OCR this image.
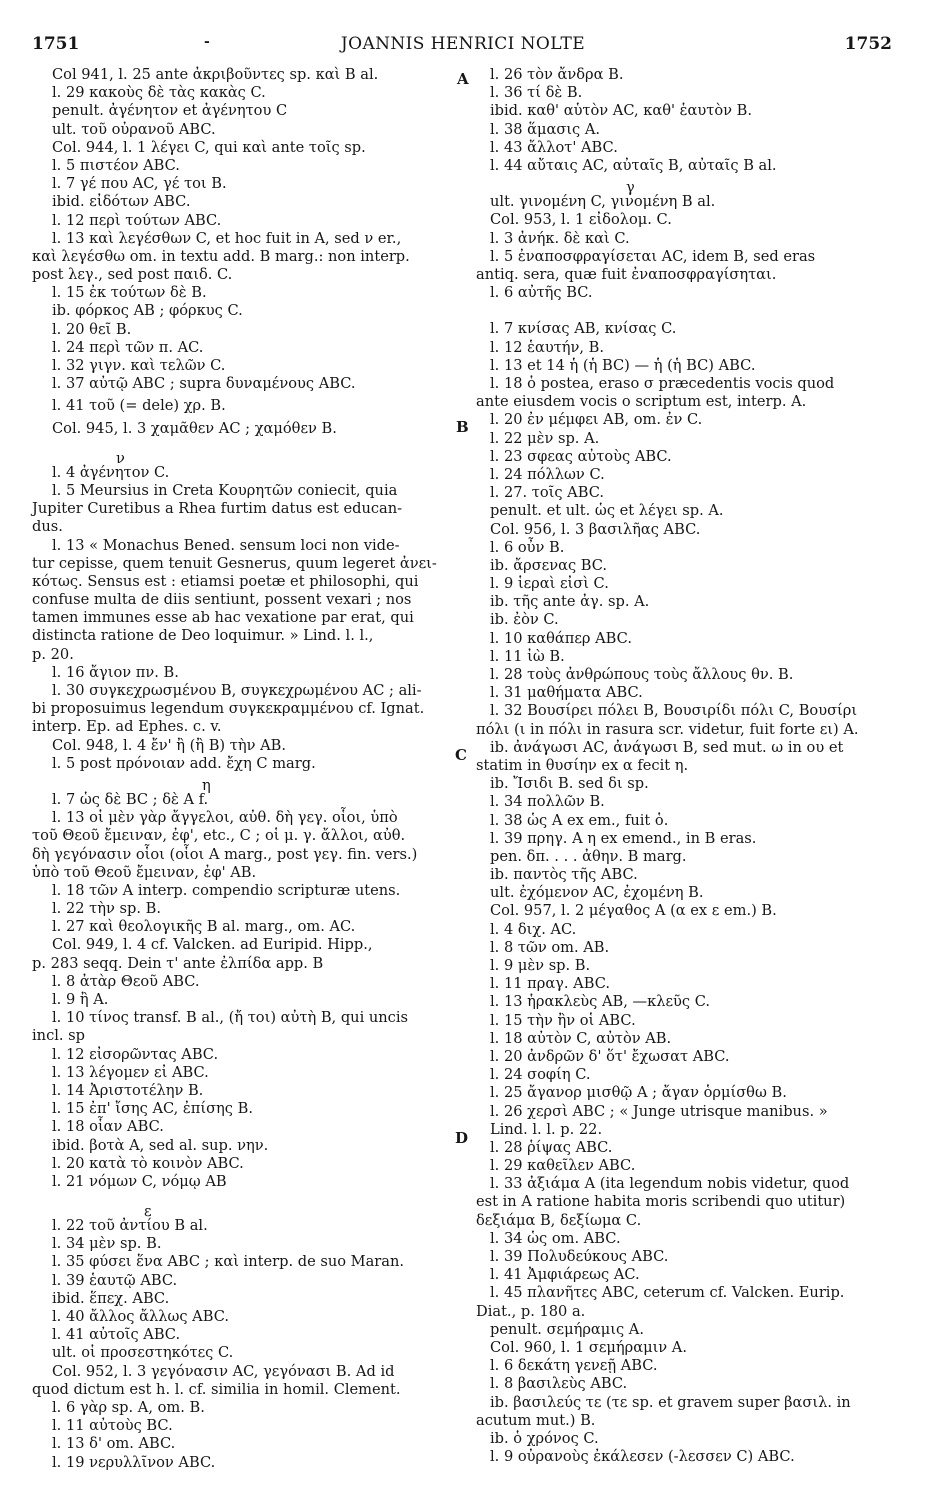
1751	-	JOANNIS HENRICI NOLTE	1752
A
B
C
D
Col 941, l. 25 ante ἀκριβοῦντες sp. καὶ B al.
l. 29 κακοὺς δὲ τὰς κακὰς C.
penult. ἀγένητον et ἀγένητου C
ult. τοῦ οὐρανοῦ ABC.
Col. 944, l. 1 λέγει C, qui καὶ ante τοῖς sp.
l. 5 πιστέον ABC.
l. 7 γέ που AC, γέ τοι B.
ibid. εἰδότων ABC.
l. 12 περὶ τούτων ABC.
l. 13 καὶ λεγέσθων C, et hoc fuit in A, sed ν er.,
καὶ λεγέσθω om. in textu add. B marg.: non interp.
post λεγ., sed post παιδ. C.
l. 15 ἐκ τούτων δὲ B.
ib. φόρκος AB ; φόρκυς C.
l. 20 θεῖ B.
l. 24 περὶ τῶν π. AC.
l. 32 γιγν. καὶ τελῶν C.
l. 37 αὐτῷ ABC ; supra δυναμένους ABC.
l. 41 τοῦ (= dele) χρ. B.
Col. 945, l. 3 χαμᾶθεν AC ; χαμόθεν B.
ν
l. 4 ἀγένητον C.
l. 5 Meursius in Creta Κουρητῶν coniecit, quia
Jupiter Curetibus a Rhea furtim datus est educan-
dus.
l. 13 « Monachus Bened. sensum loci non vide-
tur cepisse, quem tenuit Gesnerus, quum legeret ἀνει-
κότως. Sensus est : etiamsi poetæ et philosophi, qui
confuse multa de diis sentiunt, possent vexari ; nos
tamen immunes esse ab hac vexatione par erat, qui
distincta ratione de Deo loquimur. » Lind. l. l.,
p. 20.
l. 16 ἄγιον πν. B.
l. 30 συγκεχρωσμένου B, συγκεχρωμένου AC ; ali-
bi proposuimus legendum συγκεκραμμένου cf. Ignat.
interp. Ep. ad Ephes. c. v.
Col. 948, l. 4 ἔν' ἢ (ἢ B) τὴν AB.
l. 5 post πρόνοιαν add. ἔχη C marg.
η
l. 7 ὡς δὲ BC ; δὲ A f.
l. 13 οἱ μὲν γὰρ ἄγγελοι, αὐθ. δὴ γεγ. οἷοι, ὑπὸ
τοῦ Θεοῦ ἔμειναν, ἐφ', etc., C ; οἱ μ. γ. ἄλλοι, αὐθ.
δὴ γεγόνασιν οἷοι (οἷοι A marg., post γεγ. fin. vers.)
ὑπὸ τοῦ Θεοῦ ἔμειναν, ἐφ' AB.
l. 18 τῶν A interp. compendio scripturæ utens.
l. 22 τὴν sp. B.
l. 27 καὶ θεολογικῆς B al. marg., om. AC.
Col. 949, l. 4 cf. Valcken. ad Euripid. Hipp.,
p. 283 seqq. Dein τ' ante ἐλπίδα app. B
l. 8 ἀτὰρ Θεοῦ ABC.
l. 9 ἢ A.
l. 10 τίνος transf. B al., (ἤ τοι) αὐτὴ B, qui uncis
incl. sp
l. 12 εἰσορῶντας ABC.
l. 13 λέγομεν εἰ ABC.
l. 14 Ἀριστοτέλην B.
l. 15 ἐπ' ἴσης AC, ἐπίσης B.
l. 18 οἷαν ABC.
ibid. βοτὰ A, sed al. sup. νην.
l. 20 κατὰ τὸ κοινὸν ABC.
l. 21 νόμων C, νόμῳ AB
ε
l. 22 τοῦ ἀντίου B al.
l. 34 μὲν sp. B.
l. 35 φύσει ἕνα ABC ; καὶ interp. de suo Maran.
l. 39 ἑαυτῷ ABC.
ibid. ἕπεχ. ABC.
l. 40 ἄλλος ἄλλως ABC.
l. 41 αὐτοῖς ABC.
ult. οἱ προσεστηκότες C.
Col. 952, l. 3 γεγόνασιν AC, γεγόνασι B. Ad id
quod dictum est h. l. cf. similia in homil. Clement.
l. 6 γὰρ sp. A, om. B.
l. 11 αὐτοὺς BC.
l. 13 δ' om. ABC.
l. 19 νερυλλῖνον ABC.
l. 26 τὸν ἄνδρα B.
l. 36 τί δὲ B.
ibid. καθ' αὑτὸν AC, καθ' ἑαυτὸν B.
l. 38 ἅμασις A.
l. 43 ἄλλοτ' ABC.
l. 44 αὔταις AC, αὐταῖς B, αὐταῖς B al.
γ
ult. γινομένη C, γινομένη B al.
Col. 953, l. 1 εἰδολομ. C.
l. 3 ἀνήκ. δὲ καὶ C.
l. 5 ἐναποσφραγίσεται AC, idem B, sed eras
antiq. sera, quæ fuit ἐναποσφραγίσηται.
l. 6 αὐτῆς BC.
l. 7 κνίσας AB, κνίσας C.
l. 12 ἑαυτήν, B.
l. 13 et 14 ἡ (ἡ BC) — ἡ (ἡ BC) ABC.
l. 18 ὁ postea, eraso σ præcedentis vocis quod
ante eiusdem vocis ο scriptum est, interp. A.
l. 20 ἐν μέμφει AB, om. ἐν C.
l. 22 μὲν sp. A.
l. 23 σφεας αὐτοὺς ABC.
l. 24 πόλλων C.
l. 27. τοῖς ABC.
penult. et ult. ὡς et λέγει sp. A.
Col. 956, l. 3 βασιλῆας ABC.
l. 6 οὖν B.
ib. ἄρσενας BC.
l. 9 ἱεραὶ εἰσὶ C.
ib. τῆς ante ἀγ. sp. A.
ib. ἐὸν C.
l. 10 καθάπερ ABC.
l. 11 ἰὼ B.
l. 28 τοὺς ἀνθρώπους τοὺς ἄλλους θν. B.
l. 31 μαθήματα ABC.
l. 32 Βουσίρει πόλει B, Βουσιρίδι πόλι C, Βουσίρι
πόλι (ι in πόλι in rasura scr. videtur, fuit forte ει) A.
ib. ἀνάγωσι AC, ἀνάγωσι B, sed mut. ω in ου et
statim in θυσίην ex α fecit η.
ib. Ἴσιδι B. sed δι sp.
l. 34 πολλῶν B.
l. 38 ὡς A ex em., fuit ὁ.
l. 39 πρηγ. A η ex emend., in B eras.
pen. δπ. . . . ἀθην. B marg.
ib. παντὸς τῆς ABC.
ult. ἐχόμενον AC, ἐχομένη B.
Col. 957, l. 2 μέγαθος A (α ex ε em.) B.
l. 4 διχ. AC.
l. 8 τῶν om. AB.
l. 9 μὲν sp. B.
l. 11 πραγ. ABC.
l. 13 ἡρακλεὺς AB, —κλεῦς C.
l. 15 τὴν ἢν οἱ ABC.
l. 18 αὐτὸν C, αὐτὸν AB.
l. 20 ἀνδρῶν δ' ὅτ' ἔχωσατ ABC.
l. 24 σοφίη C.
l. 25 ἄγανορ μισθῷ A ; ἄγαν ὁρμίσθω B.
l. 26 χερσὶ ABC ; « Junge utrisque manibus. »
Lind. l. l. p. 22.
l. 28 ῥίψας ABC.
l. 29 καθεῖλεν ABC.
l. 33 ἀξιάμα A (ita legendum nobis videtur, quod
est in A ratione habita moris scribendi quo utitur)
δεξιάμα B, δεξίωμα C.
l. 34 ὡς om. ABC.
l. 39 Πολυδεύκους ABC.
l. 41 Ἀμφιάρεως AC.
l. 45 πλανῆτες ABC, ceterum cf. Valcken. Eurip.
Diat., p. 180 a.
penult. σεμήραμις A.
Col. 960, l. 1 σεμήραμιν A.
l. 6 δεκάτη γενεῇ ABC.
l. 8 βασιλεὺς ABC.
ib. βασιλεύς τε (τε sp. et gravem super βασιλ. in
acutum mut.) B.
ib. ὁ χρόνος C.
l. 9 οὐρανοὺς ἐκάλεσεν (-λεσσεν C) ABC.
